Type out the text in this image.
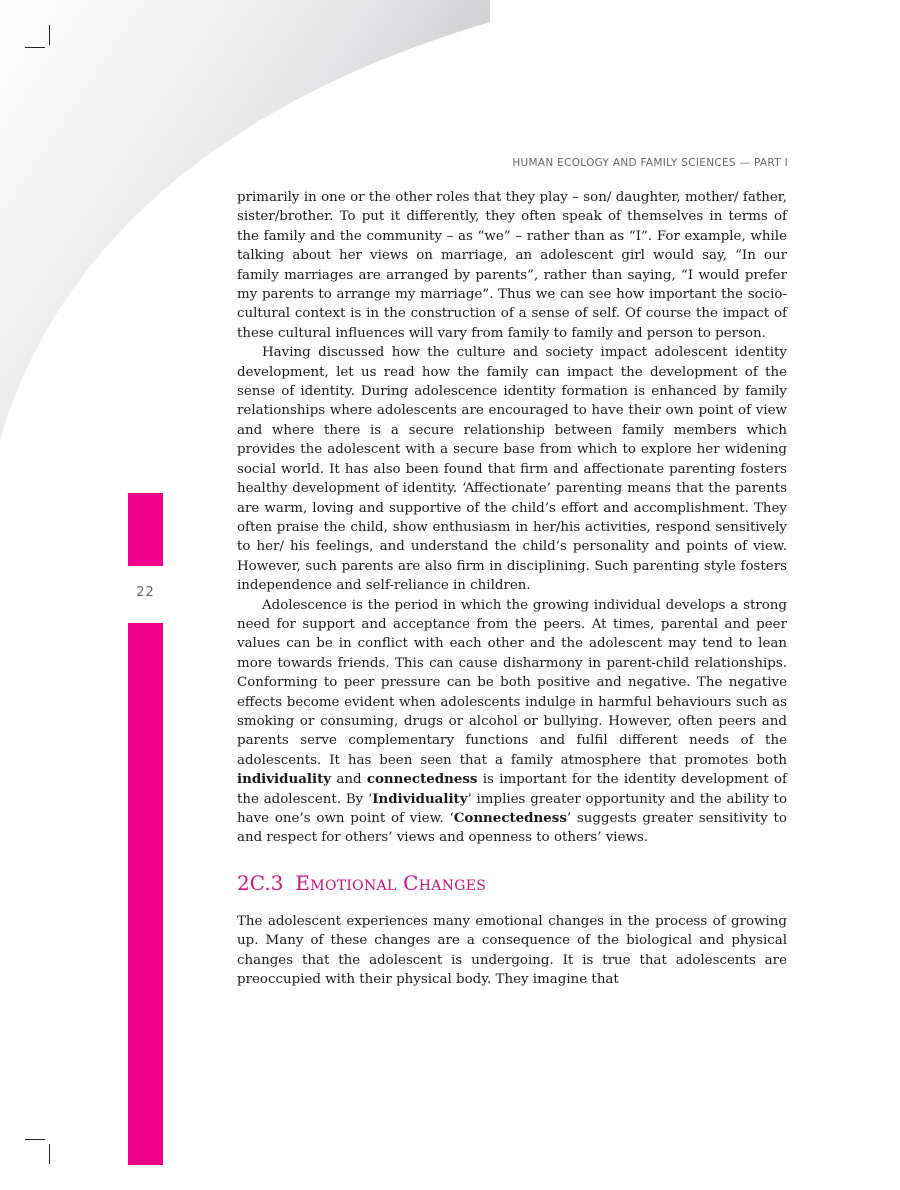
22
HUMAN ECOLOGY AND FAMILY SCIENCES — PART I

primarily in one or the other roles that they play – son/ daughter, mother/ father, sister/brother. To put it differently, they often speak of themselves in terms of the family and the community – as “we” – rather than as “I”. For example, while talking about her views on marriage, an adolescent girl would say, “In our family marriages are arranged by parents”, rather than saying, “I would prefer my parents to arrange my marriage”. Thus we can see how important the socio-cultural context is in the construction of a sense of self. Of course the impact of these cultural influences will vary from family to family and person to person.

Having discussed how the culture and society impact adolescent identity development, let us read how the family can impact the development of the sense of identity. During adolescence identity formation is enhanced by family relationships where adolescents are encouraged to have their own point of view and where there is a secure relationship between family members which provides the adolescent with a secure base from which to explore her widening social world. It has also been found that firm and affectionate parenting fosters healthy development of identity. ‘Affectionate’ parenting means that the parents are warm, loving and supportive of the child’s effort and accomplishment. They often praise the child, show enthusiasm in her/his activities, respond sensitively to her/ his feelings, and understand the child’s personality and points of view. However, such parents are also firm in disciplining. Such parenting style fosters independence and self-reliance in children.

Adolescence is the period in which the growing individual develops a strong need for support and acceptance from the peers. At times, parental and peer values can be in conflict with each other and the adolescent may tend to lean more towards friends. This can cause disharmony in parent-child relationships. Conforming to peer pressure can be both positive and negative. The negative effects become evident when adolescents indulge in harmful behaviours such as smoking or consuming, drugs or alcohol or bullying. However, often peers and parents serve complementary functions and fulfil different needs of the adolescents. It has been seen that a family atmosphere that promotes both individuality and connectedness is important for the identity development of the adolescent. By ‘Individuality’ implies greater opportunity and the ability to have one’s own point of view. ‘Connectedness’ suggests greater sensitivity to and respect for others’ views and openness to others’ views.

2C.3 Emotional Changes

The adolescent experiences many emotional changes in the process of growing up. Many of these changes are a consequence of the biological and physical changes that the adolescent is undergoing. It is true that adolescents are preoccupied with their physical body. They imagine that
